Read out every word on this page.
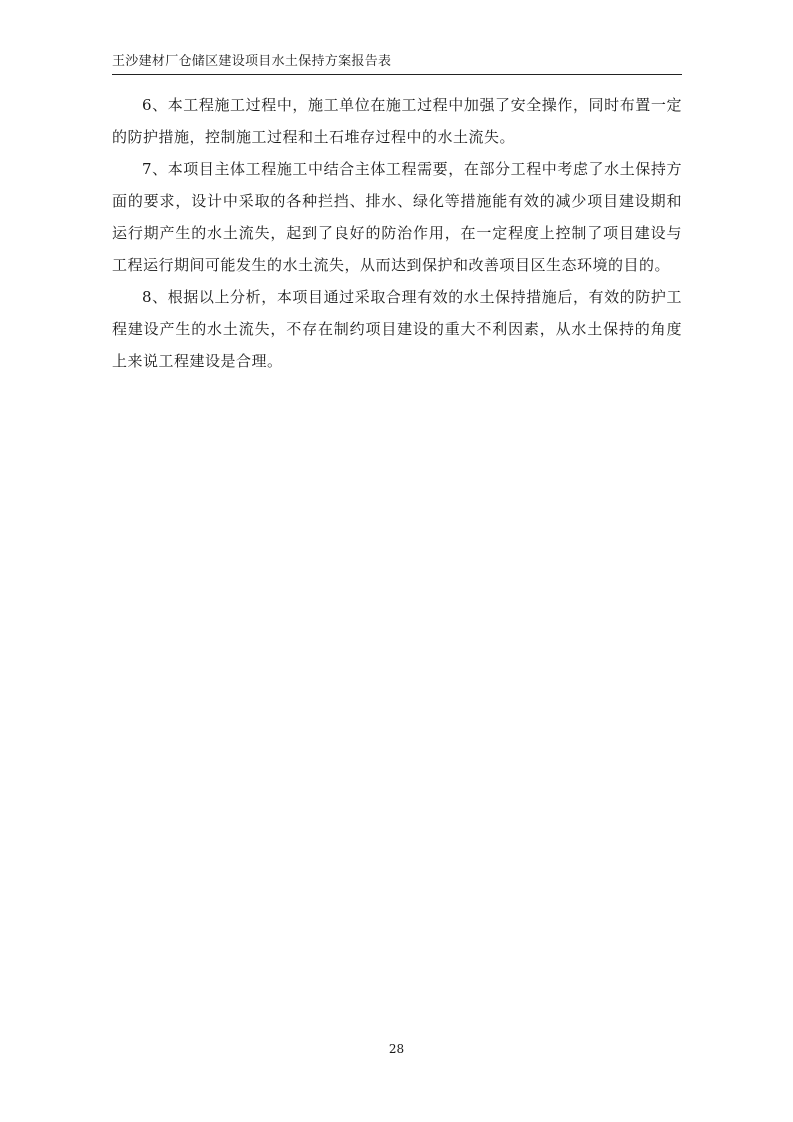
王沙建材厂仓储区建设项目水土保持方案报告表

6、本工程施工过程中，施工单位在施工过程中加强了安全操作，同时布置一定的防护措施，控制施工过程和土石堆存过程中的水土流失。

7、本项目主体工程施工中结合主体工程需要，在部分工程中考虑了水土保持方面的要求，设计中采取的各种拦挡、排水、绿化等措施能有效的减少项目建设期和运行期产生的水土流失，起到了良好的防治作用，在一定程度上控制了项目建设与工程运行期间可能发生的水土流失，从而达到保护和改善项目区生态环境的目的。

8、根据以上分析，本项目通过采取合理有效的水土保持措施后，有效的防护工程建设产生的水土流失，不存在制约项目建设的重大不利因素，从水土保持的角度上来说工程建设是合理。

28
